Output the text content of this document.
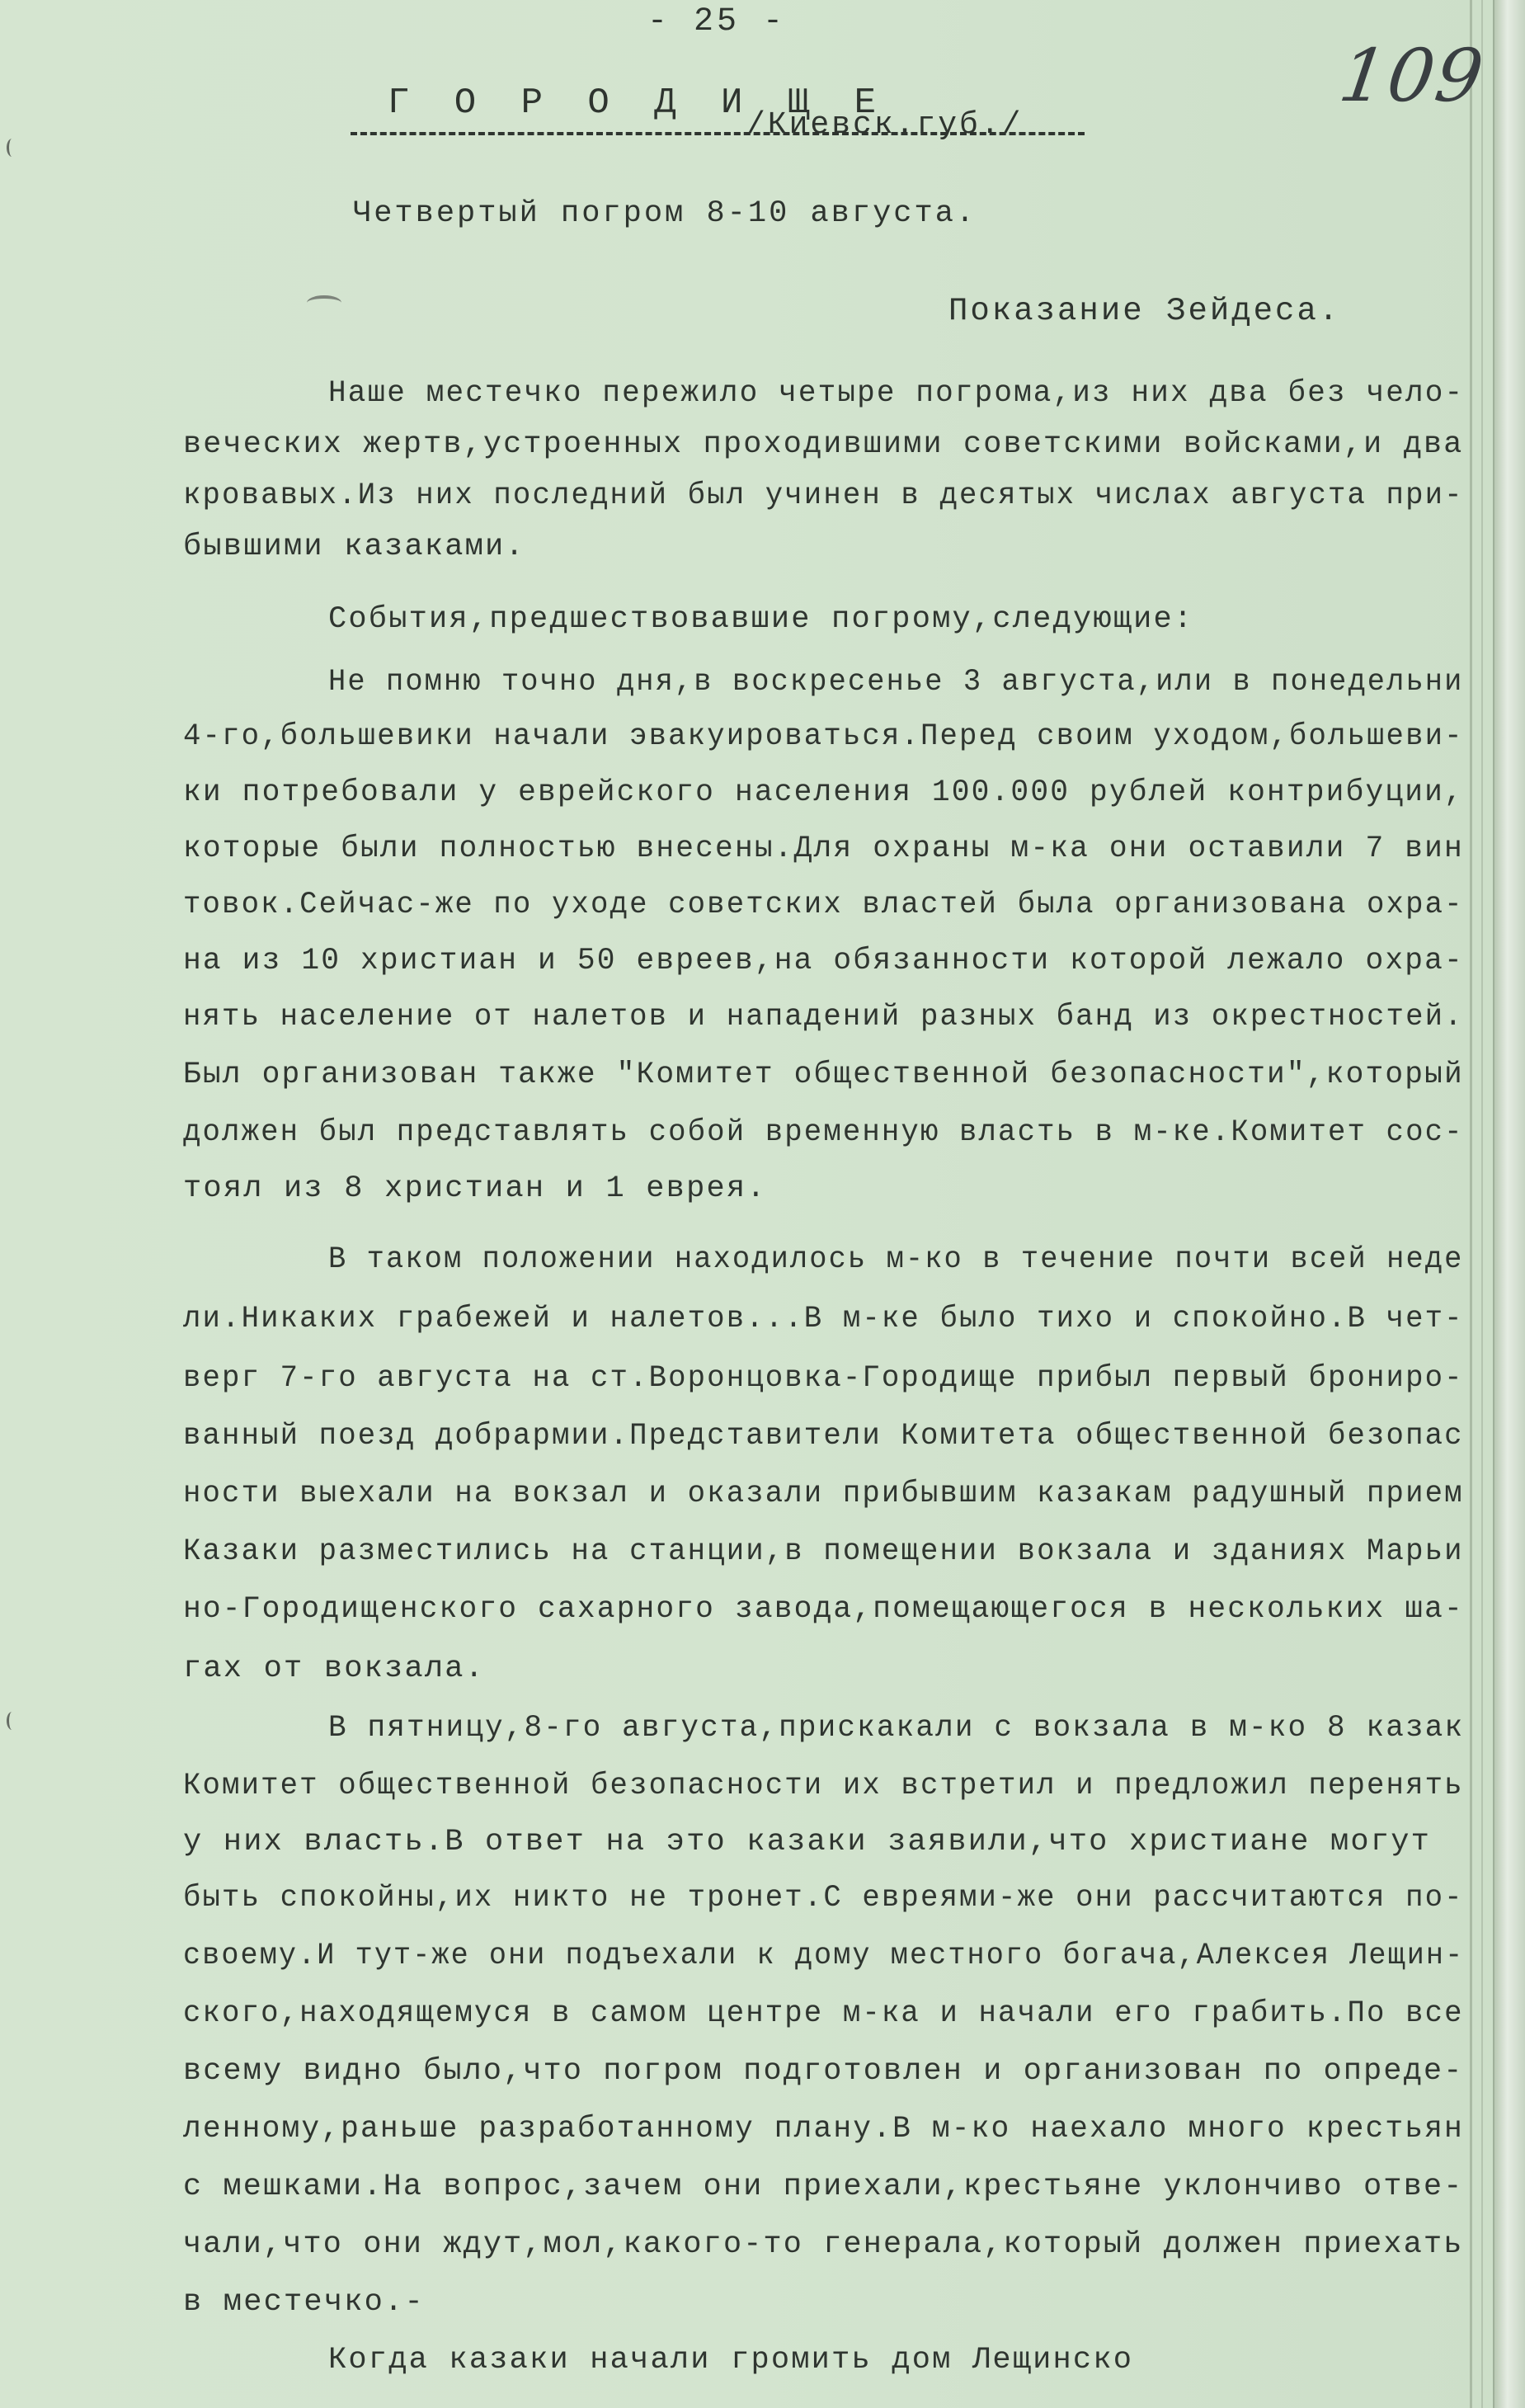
- 25 -
109
Г О Р О Д И Щ Е
/Киевск.губ./
Четвертый погром 8-10 августа.
Показание Зейдеса.
Наше местечко пережило четыре погрома,из них два без чело-
веческих жертв,устроенных проходившими советскими войсками,и два
кровавых.Из них последний был учинен в десятых числах августа при-
бывшими казаками.
События,предшествовавшие погрому,следующие:
Не помню точно дня,в воскресенье 3 августа,или в понедельни
4-го,большевики начали эвакуироваться.Перед своим уходом,большеви-
ки потребовали у еврейского населения 100.000 рублей контрибуции,
которые были полностью внесены.Для охраны м-ка они оставили 7 вин
товок.Сейчас-же по уходе советских властей была организована охра-
на из 10 христиан и 50 евреев,на обязанности которой лежало охра-
нять население от налетов и нападений разных банд из окрестностей.
Был организован также "Комитет общественной безопасности",который
должен был представлять собой временную власть в м-ке.Комитет сос-
тоял из 8 христиан и 1 еврея.
В таком положении находилось м-ко в течение почти всей неде
ли.Никаких грабежей и налетов...В м-ке было тихо и спокойно.В чет-
верг 7-го августа на ст.Воронцовка-Городище прибыл первый брониро-
ванный поезд добрармии.Представители Комитета общественной безопас
ности выехали на вокзал и оказали прибывшим казакам радушный прием
Казаки разместились на станции,в помещении вокзала и зданиях Марьи
но-Городищенского сахарного завода,помещающегося в нескольких ша-
гах от вокзала.
В пятницу,8-го августа,прискакали с вокзала в м-ко 8 казак
Комитет общественной безопасности их встретил и предложил перенять
у них власть.В ответ на это казаки заявили,что христиане могут
быть спокойны,их никто не тронет.С евреями-же они рассчитаются по-
своему.И тут-же они подъехали к дому местного богача,Алексея Лещин-
ского,находящемуся в самом центре м-ка и начали его грабить.По все
всему видно было,что погром подготовлен и организован по опреде-
ленному,раньше разработанному плану.В м-ко наехало много крестьян
с мешками.На вопрос,зачем они приехали,крестьяне уклончиво отве-
чали,что они ждут,мол,какого-то генерала,который должен приехать
в местечко.-
Когда казаки начали громить дом Лещинско
